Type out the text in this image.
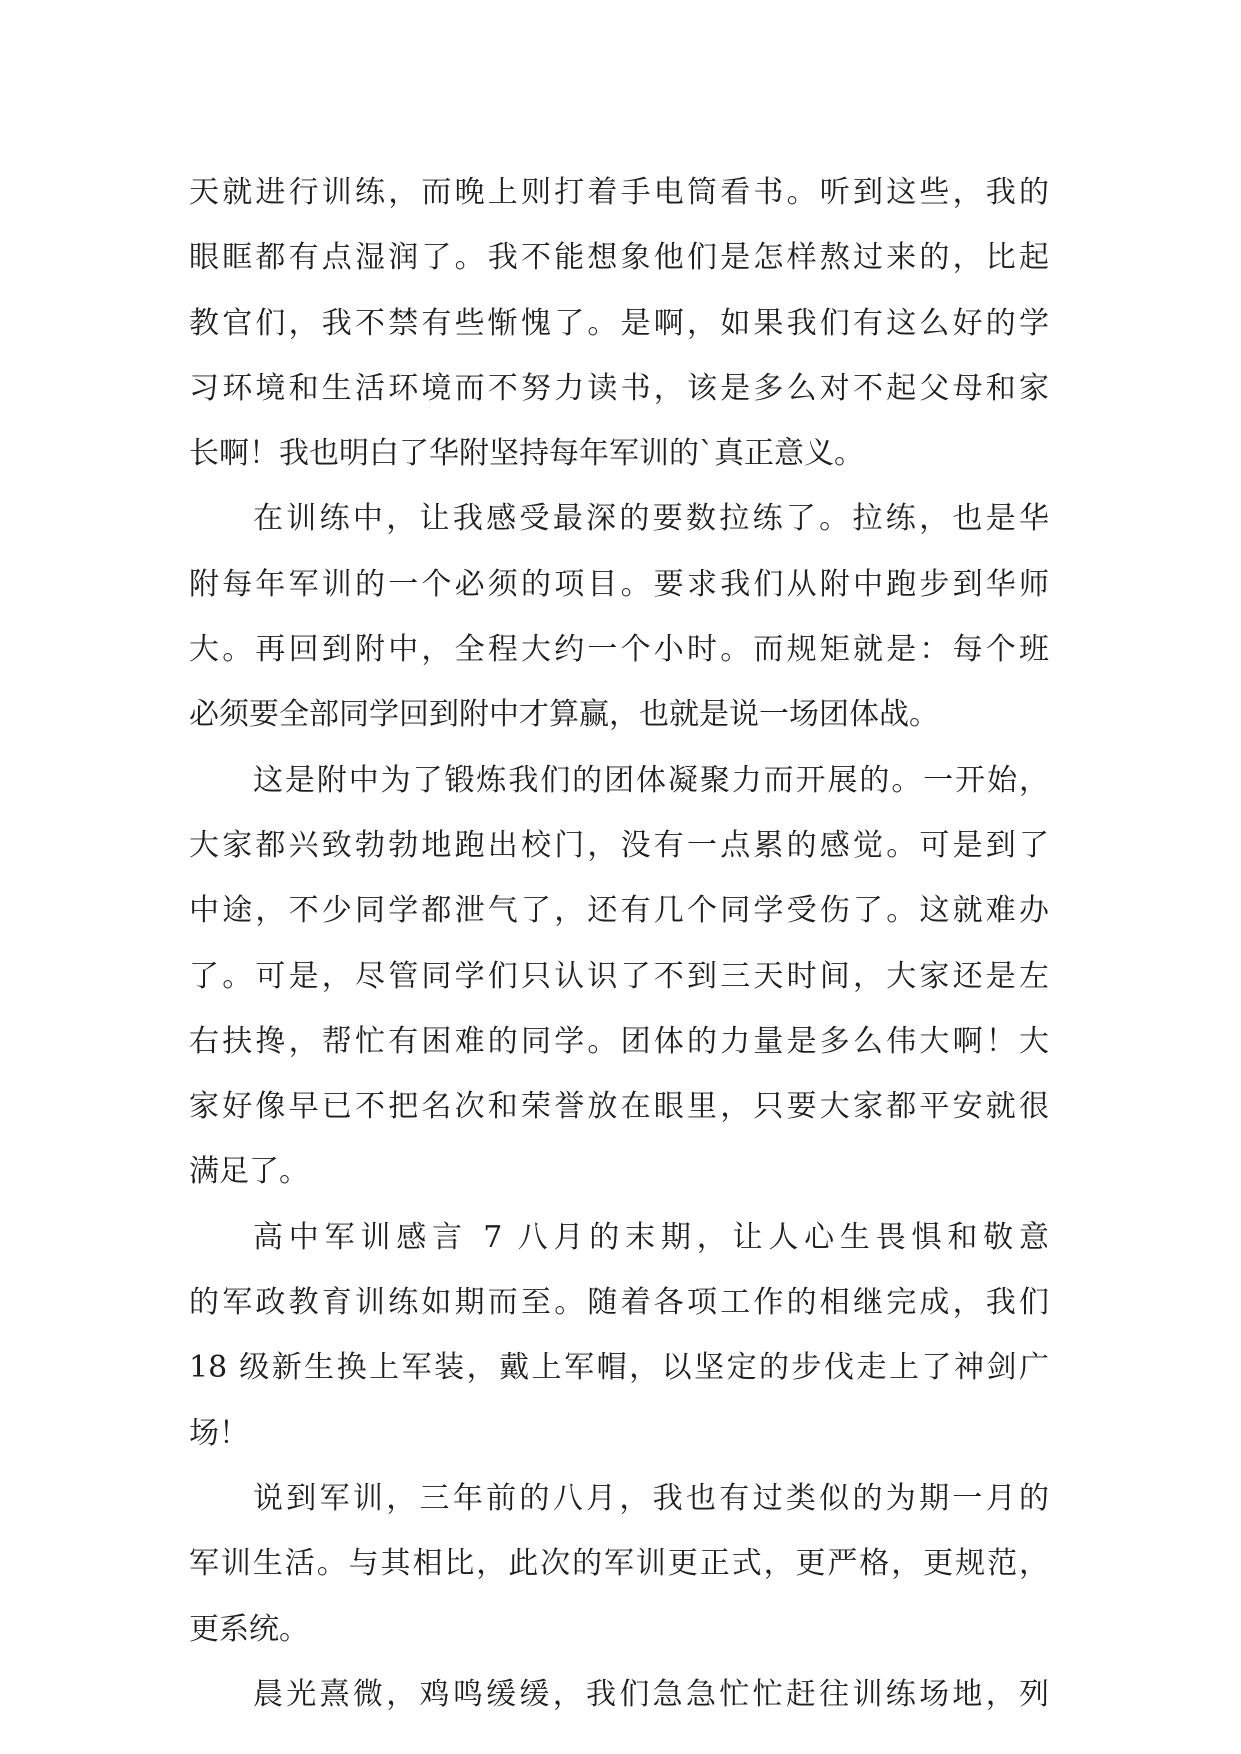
天就进行训练，而晚上则打着手电筒看书。听到这些，我的
眼眶都有点湿润了。我不能想象他们是怎样熬过来的，比起
教官们，我不禁有些惭愧了。是啊，如果我们有这么好的学
习环境和生活环境而不努力读书，该是多么对不起父母和家
长啊！我也明白了华附坚持每年军训的`真正意义。
在训练中，让我感受最深的要数拉练了。拉练，也是华
附每年军训的一个必须的项目。要求我们从附中跑步到华师
大。再回到附中，全程大约一个小时。而规矩就是：每个班
必须要全部同学回到附中才算赢，也就是说一场团体战。
这是附中为了锻炼我们的团体凝聚力而开展的。一开始，
大家都兴致勃勃地跑出校门，没有一点累的感觉。可是到了
中途，不少同学都泄气了，还有几个同学受伤了。这就难办
了。可是，尽管同学们只认识了不到三天时间，大家还是左
右扶搀，帮忙有困难的同学。团体的力量是多么伟大啊！大
家好像早已不把名次和荣誉放在眼里，只要大家都平安就很
满足了。
高中军训感言 7 八月的末期，让人心生畏惧和敬意
的军政教育训练如期而至。随着各项工作的相继完成，我们
18 级新生换上军装，戴上军帽，以坚定的步伐走上了神剑广
场！
说到军训，三年前的八月，我也有过类似的为期一月的
军训生活。与其相比，此次的军训更正式，更严格，更规范，
更系统。
晨光熹微，鸡鸣缓缓，我们急急忙忙赶往训练场地，列
